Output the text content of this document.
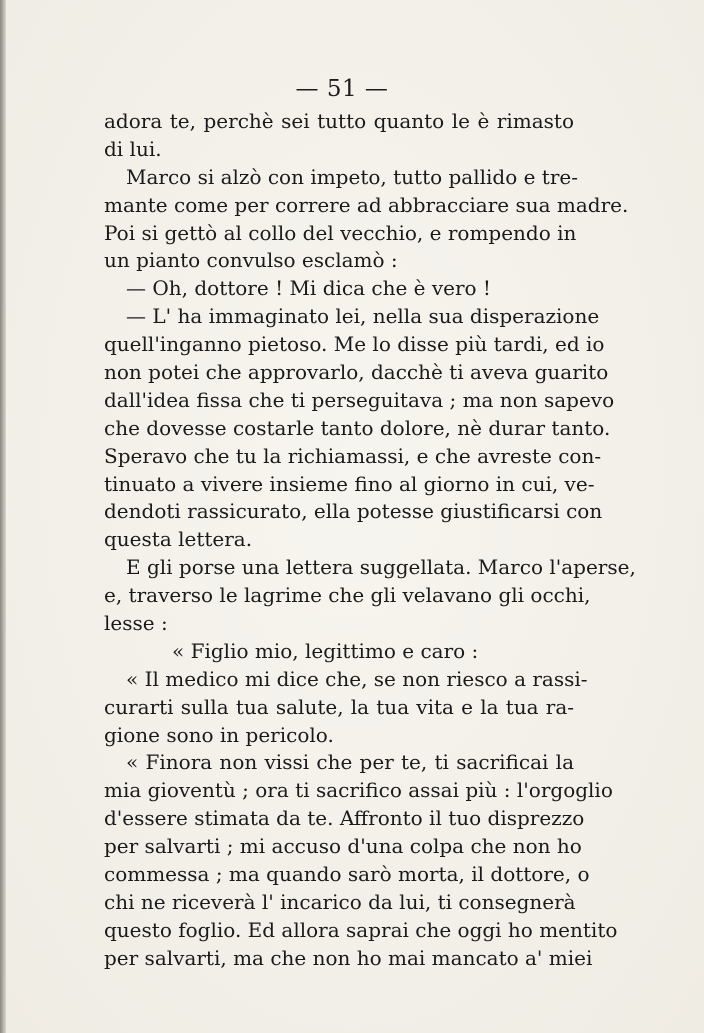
— 51 —
adora te, perchè sei tutto quanto le è rimasto
di lui.
Marco si alzò con impeto, tutto pallido e tre-
mante come per correre ad abbracciare sua madre.
Poi si gettò al collo del vecchio, e rompendo in
un pianto convulso esclamò :
— Oh, dottore ! Mi dica che è vero !
— L' ha immaginato lei, nella sua disperazione
quell'inganno pietoso. Me lo disse più tardi, ed io
non potei che approvarlo, dacchè ti aveva guarito
dall'idea fissa che ti perseguitava ; ma non sapevo
che dovesse costarle tanto dolore, nè durar tanto.
Speravo che tu la richiamassi, e che avreste con-
tinuato a vivere insieme fino al giorno in cui, ve-
dendoti rassicurato, ella potesse giustificarsi con
questa lettera.
E gli porse una lettera suggellata. Marco l'aperse,
e, traverso le lagrime che gli velavano gli occhi,
lesse :
« Figlio mio, legittimo e caro :
« Il medico mi dice che, se non riesco a rassi-
curarti sulla tua salute, la tua vita e la tua ra-
gione sono in pericolo.
« Finora non vissi che per te, ti sacrificai la
mia gioventù ; ora ti sacrifico assai più : l'orgoglio
d'essere stimata da te. Affronto il tuo disprezzo
per salvarti ; mi accuso d'una colpa che non ho
commessa ; ma quando sarò morta, il dottore, o
chi ne riceverà l' incarico da lui, ti consegnerà
questo foglio. Ed allora saprai che oggi ho mentito
per salvarti, ma che non ho mai mancato a' miei
